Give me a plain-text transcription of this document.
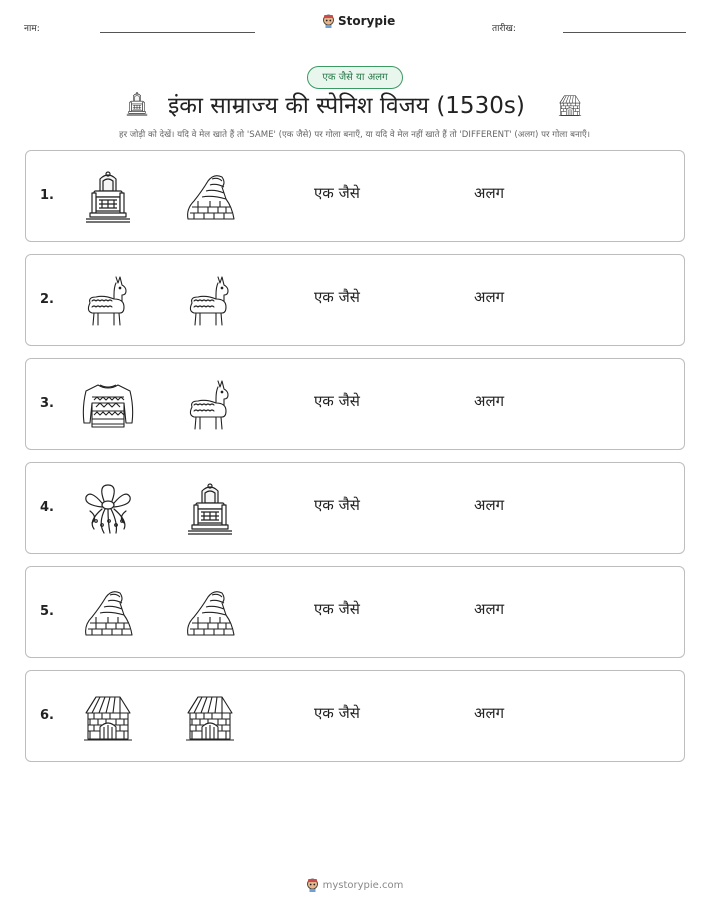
नाम:
Storypie
तारीख:
एक जैसे या अलग
इंका साम्राज्य की स्पेनिश विजय (1530s)
हर जोड़ी को देखें। यदि वे मेल खाते हैं तो 'SAME' (एक जैसे) पर गोला बनाएँ, या यदि वे मेल नहीं खाते हैं तो 'DIFFERENT' (अलग) पर गोला बनाएँ।
1.	एक जैसे	अलग
2.	एक जैसे	अलग
3.	एक जैसे	अलग
4.	एक जैसे	अलग
5.	एक जैसे	अलग
6.	एक जैसे	अलग
mystorypie.com
